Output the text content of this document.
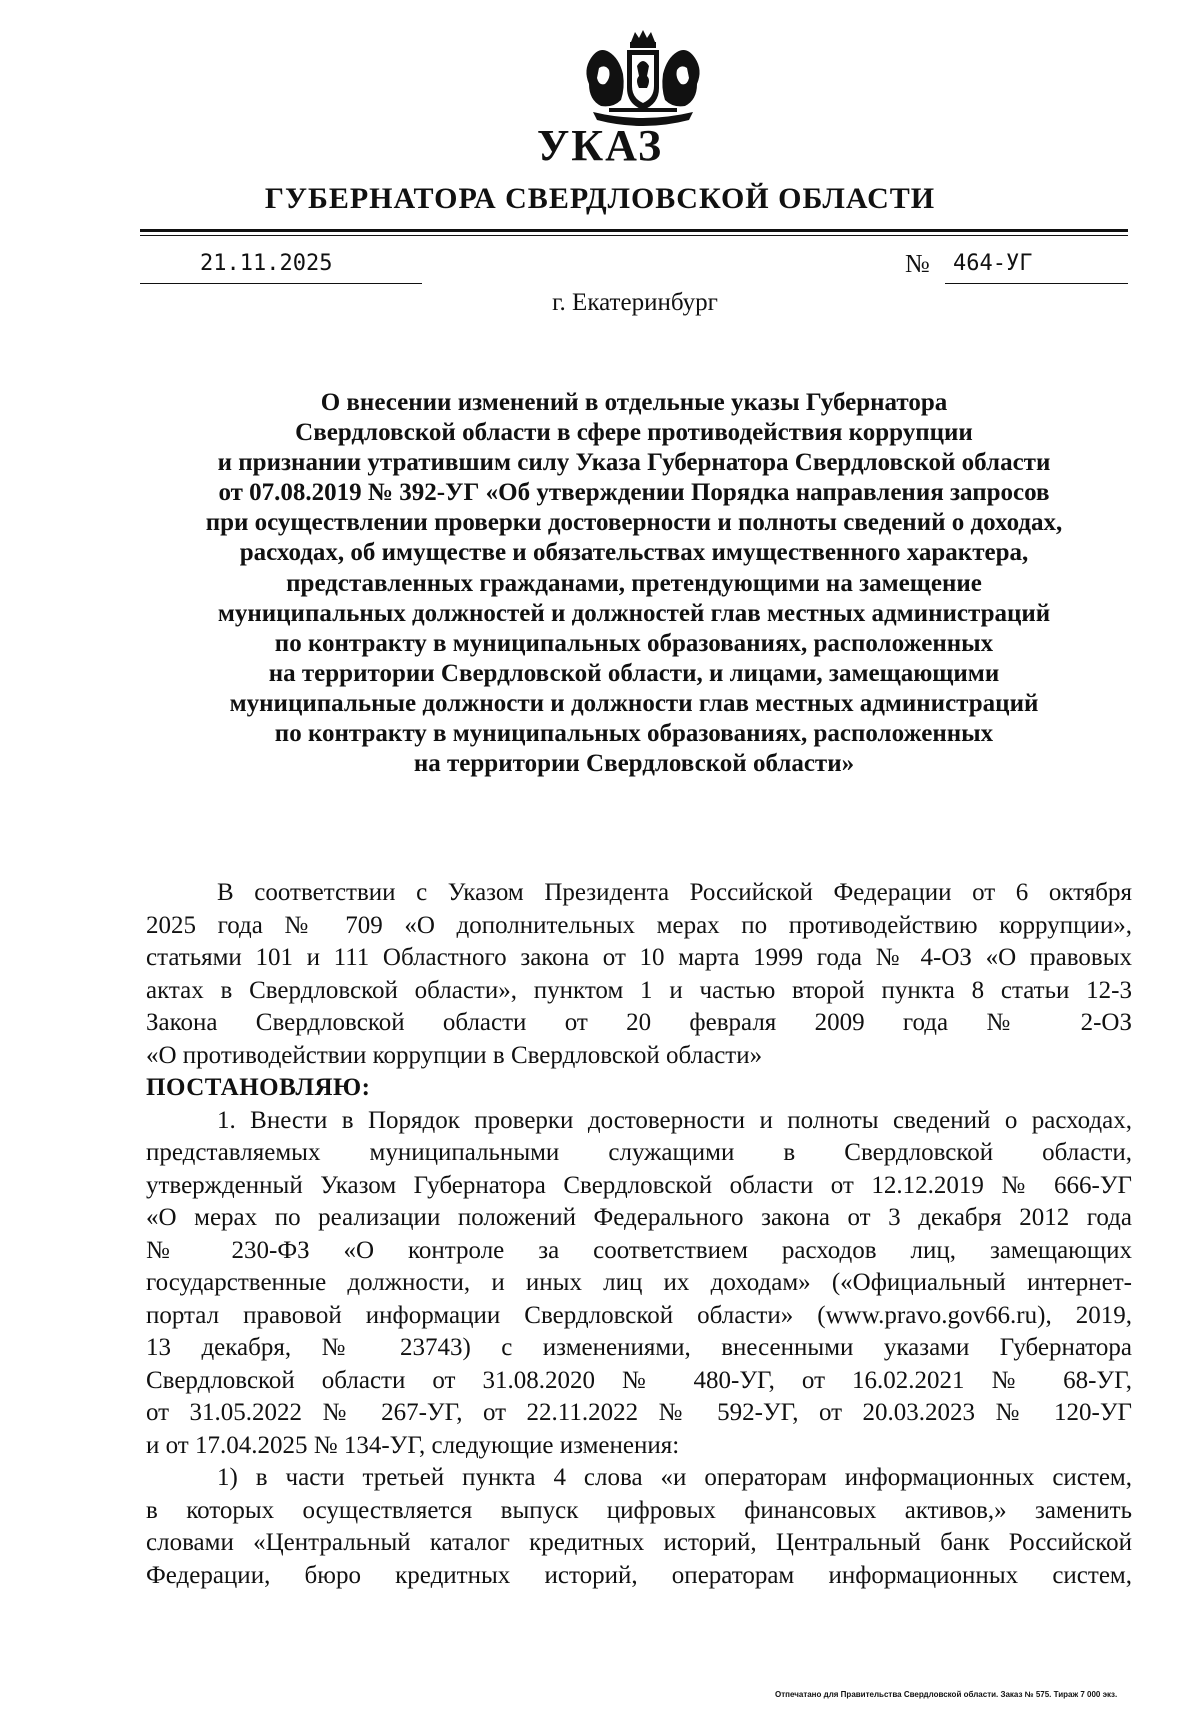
УКАЗ
ГУБЕРНАТОРА СВЕРДЛОВСКОЙ ОБЛАСТИ
21.11.2025	№ 464-УГ
г. Екатеринбург
О внесении изменений в отдельные указы Губернатора
Свердловской области в сфере противодействия коррупции
и признании утратившим силу Указа Губернатора Свердловской области
от 07.08.2019 № 392-УГ «Об утверждении Порядка направления запросов
при осуществлении проверки достоверности и полноты сведений о доходах,
расходах, об имуществе и обязательствах имущественного характера,
представленных гражданами, претендующими на замещение
муниципальных должностей и должностей глав местных администраций
по контракту в муниципальных образованиях, расположенных
на территории Свердловской области, и лицами, замещающими
муниципальные должности и должности глав местных администраций
по контракту в муниципальных образованиях, расположенных
на территории Свердловской области»
В соответствии с Указом Президента Российской Федерации от 6 октября
2025 года № 709 «О дополнительных мерах по противодействию коррупции»,
статьями 101 и 111 Областного закона от 10 марта 1999 года № 4-ОЗ «О правовых
актах в Свердловской области», пунктом 1 и частью второй пункта 8 статьи 12-3
Закона Свердловской области от 20 февраля 2009 года № 2-ОЗ
«О противодействии коррупции в Свердловской области»
ПОСТАНОВЛЯЮ:
1. Внести в Порядок проверки достоверности и полноты сведений о расходах,
представляемых муниципальными служащими в Свердловской области,
утвержденный Указом Губернатора Свердловской области от 12.12.2019 № 666-УГ
«О мерах по реализации положений Федерального закона от 3 декабря 2012 года
№ 230-ФЗ «О контроле за соответствием расходов лиц, замещающих
государственные должности, и иных лиц их доходам» («Официальный интернет-
портал правовой информации Свердловской области» (www.pravo.gov66.ru), 2019,
13 декабря, № 23743) с изменениями, внесенными указами Губернатора
Свердловской области от 31.08.2020 № 480-УГ, от 16.02.2021 № 68-УГ,
от 31.05.2022 № 267-УГ, от 22.11.2022 № 592-УГ, от 20.03.2023 № 120-УГ
и от 17.04.2025 № 134-УГ, следующие изменения:
1) в части третьей пункта 4 слова «и операторам информационных систем,
в которых осуществляется выпуск цифровых финансовых активов,» заменить
словами «Центральный каталог кредитных историй, Центральный банк Российской
Федерации, бюро кредитных историй, операторам информационных систем,
Отпечатано для Правительства Свердловской области. Заказ № 575. Тираж 7 000 экз.
